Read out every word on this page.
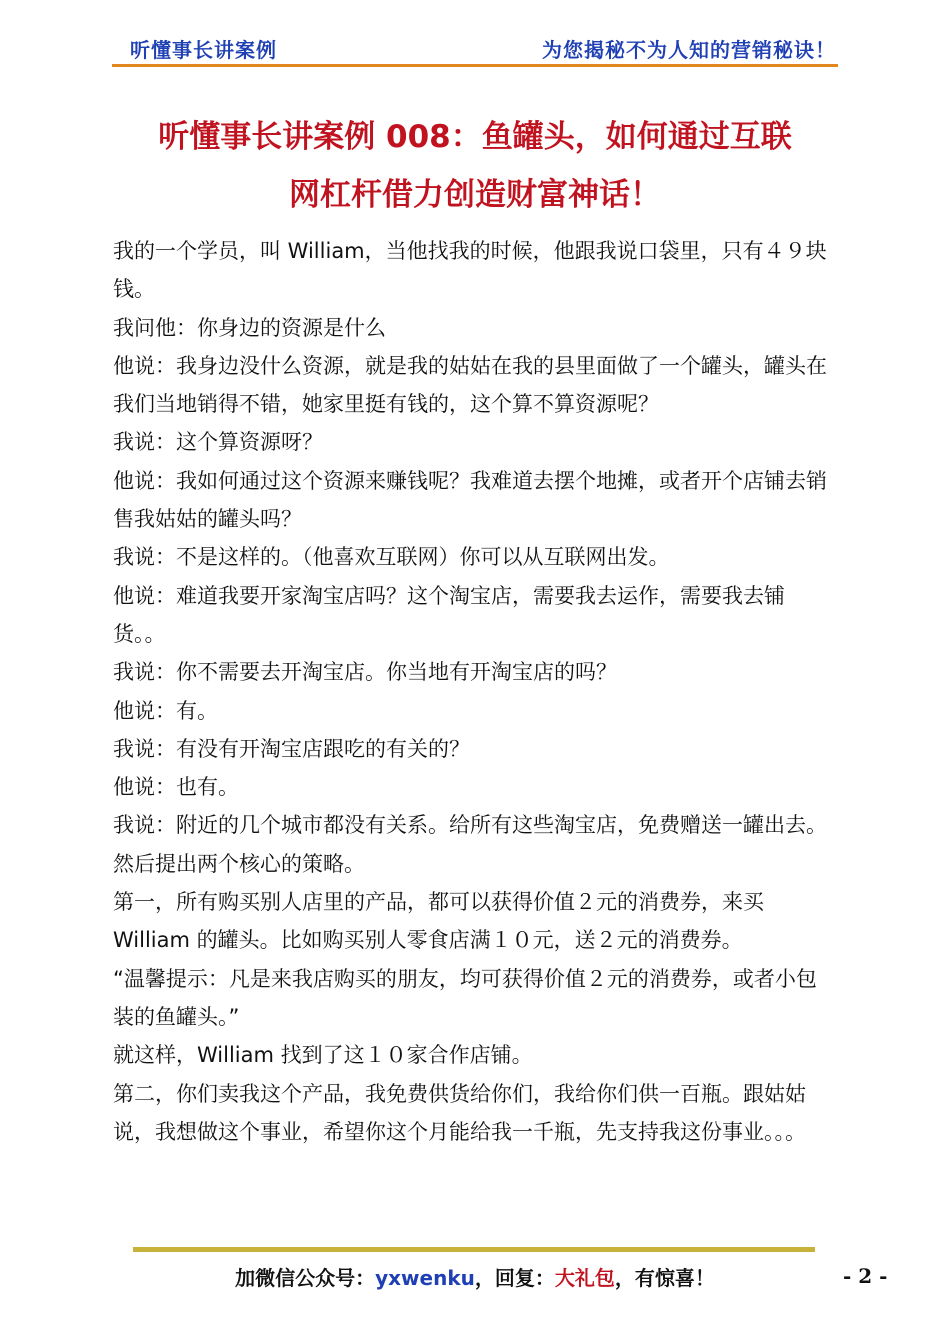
听懂事长讲案例	为您揭秘不为人知的营销秘诀！
听懂事长讲案例 008：鱼罐头，如何通过互联
网杠杆借力创造财富神话！

我的一个学员，叫 William，当他找我的时候，他跟我说口袋里，只有４９块钱。

我问他：你身边的资源是什么

他说：我身边没什么资源，就是我的姑姑在我的县里面做了一个罐头，罐头在我们当地销得不错，她家里挺有钱的，这个算不算资源呢？

我说：这个算资源呀？

他说：我如何通过这个资源来赚钱呢？我难道去摆个地摊，或者开个店铺去销售我姑姑的罐头吗？

我说：不是这样的。（他喜欢互联网）你可以从互联网出发。

他说：难道我要开家淘宝店吗？这个淘宝店，需要我去运作，需要我去铺货。。

我说：你不需要去开淘宝店。你当地有开淘宝店的吗？

他说：有。

我说：有没有开淘宝店跟吃的有关的？

他说：也有。

我说：附近的几个城市都没有关系。给所有这些淘宝店，免费赠送一罐出去。然后提出两个核心的策略。

第一，所有购买别人店里的产品，都可以获得价值２元的消费券，来买 William 的罐头。比如购买别人零食店满１０元，送２元的消费券。

“温馨提示：凡是来我店购买的朋友，均可获得价值２元的消费券，或者小包装的鱼罐头。”

就这样，William 找到了这１０家合作店铺。

第二，你们卖我这个产品，我免费供货给你们，我给你们供一百瓶。跟姑姑说，我想做这个事业，希望你这个月能给我一千瓶，先支持我这份事业。。。

加微信公众号：yxwenku，回复：大礼包，有惊喜！	- 2 -
